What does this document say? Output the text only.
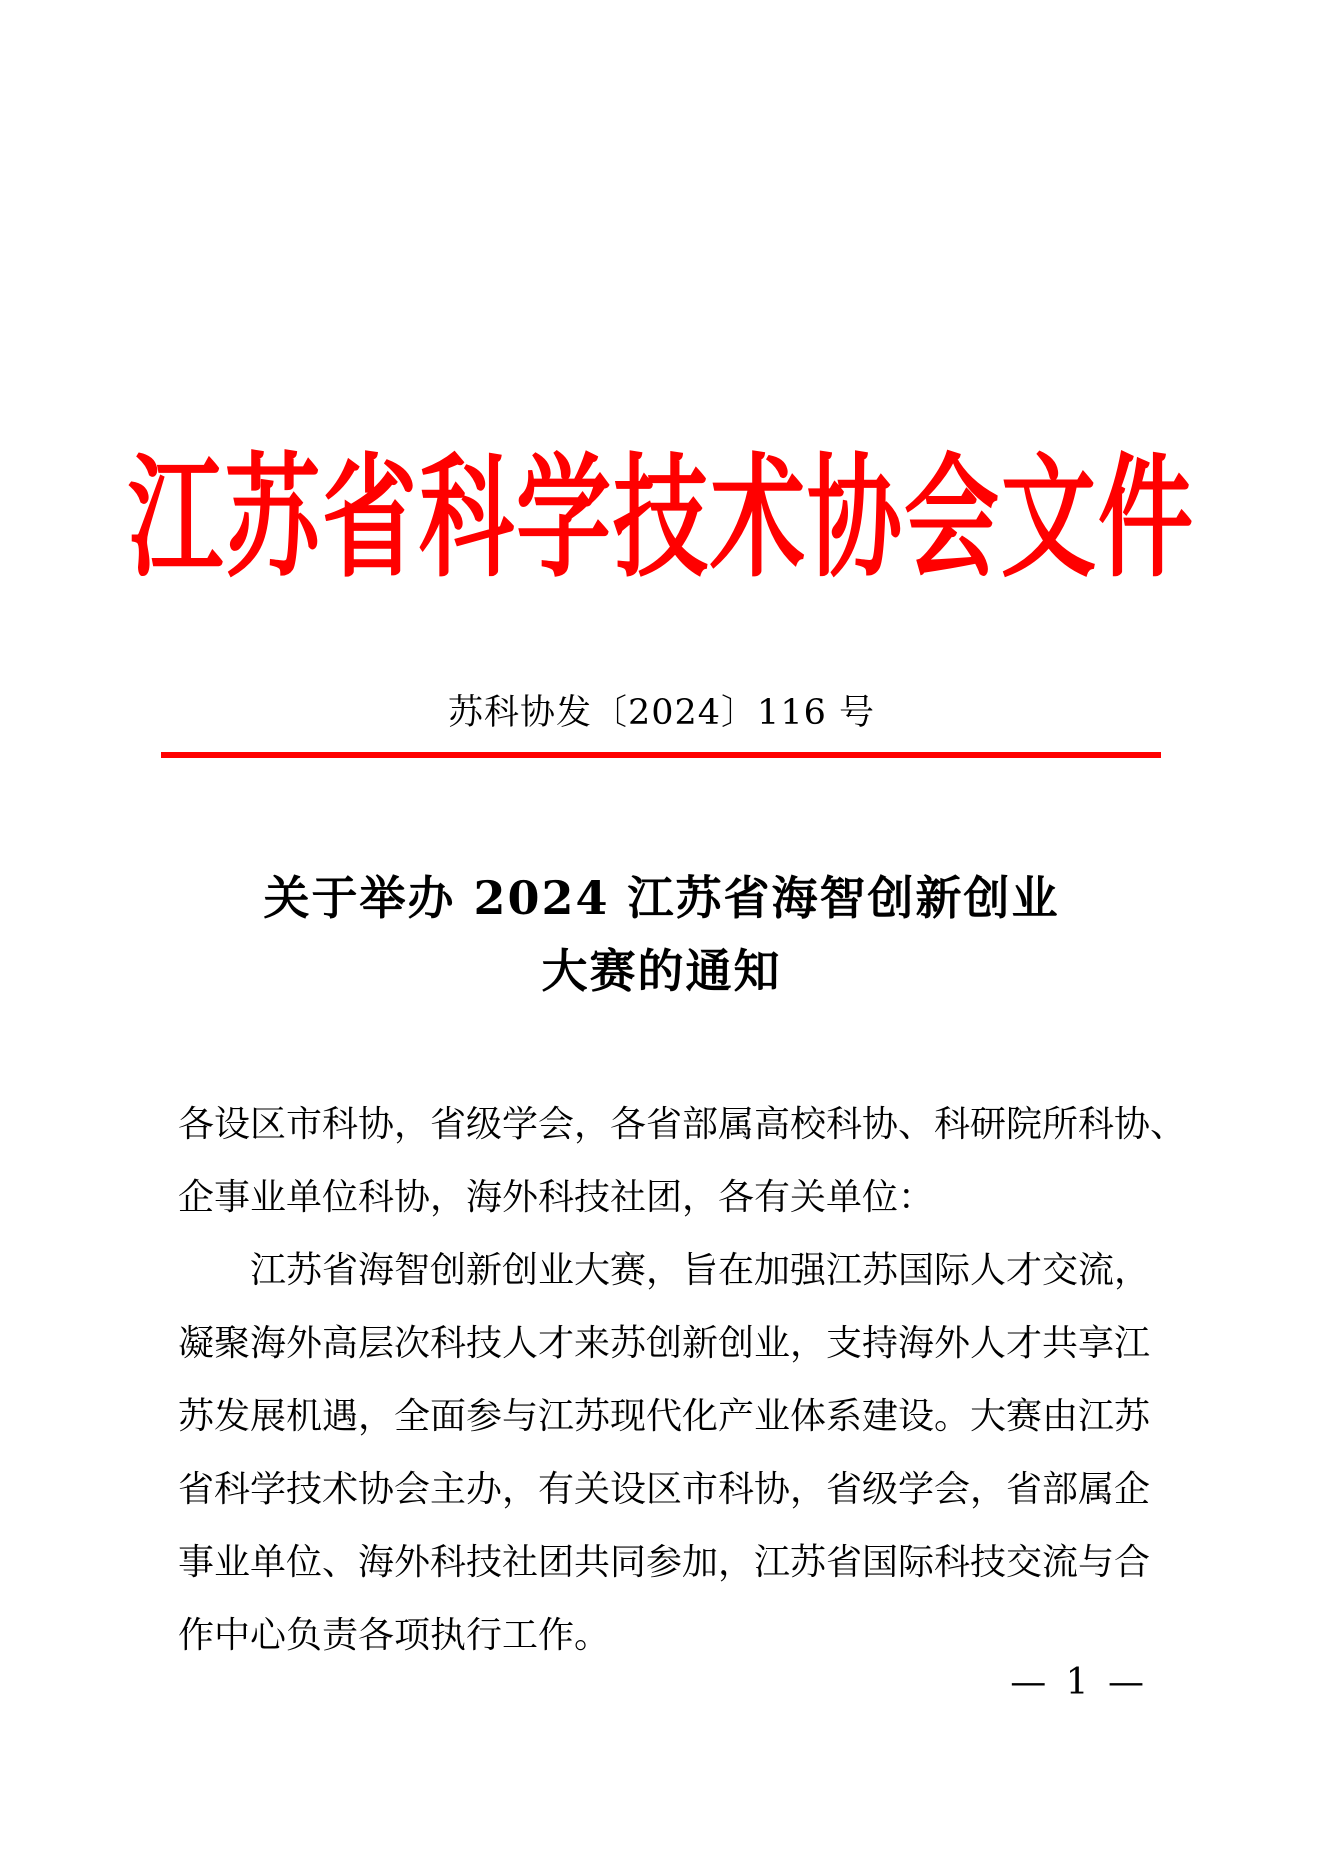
江苏省科学技术协会文件
苏科协发〔2024〕116 号
关于举办 2024 江苏省海智创新创业
大赛的通知
各设区市科协，省级学会，各省部属高校科协、科研院所科协、
企事业单位科协，海外科技社团，各有关单位：
江苏省海智创新创业大赛，旨在加强江苏国际人才交流，
凝聚海外高层次科技人才来苏创新创业，支持海外人才共享江
苏发展机遇，全面参与江苏现代化产业体系建设。大赛由江苏
省科学技术协会主办，有关设区市科协，省级学会，省部属企
事业单位、海外科技社团共同参加，江苏省国际科技交流与合
作中心负责各项执行工作。
— 1 —
